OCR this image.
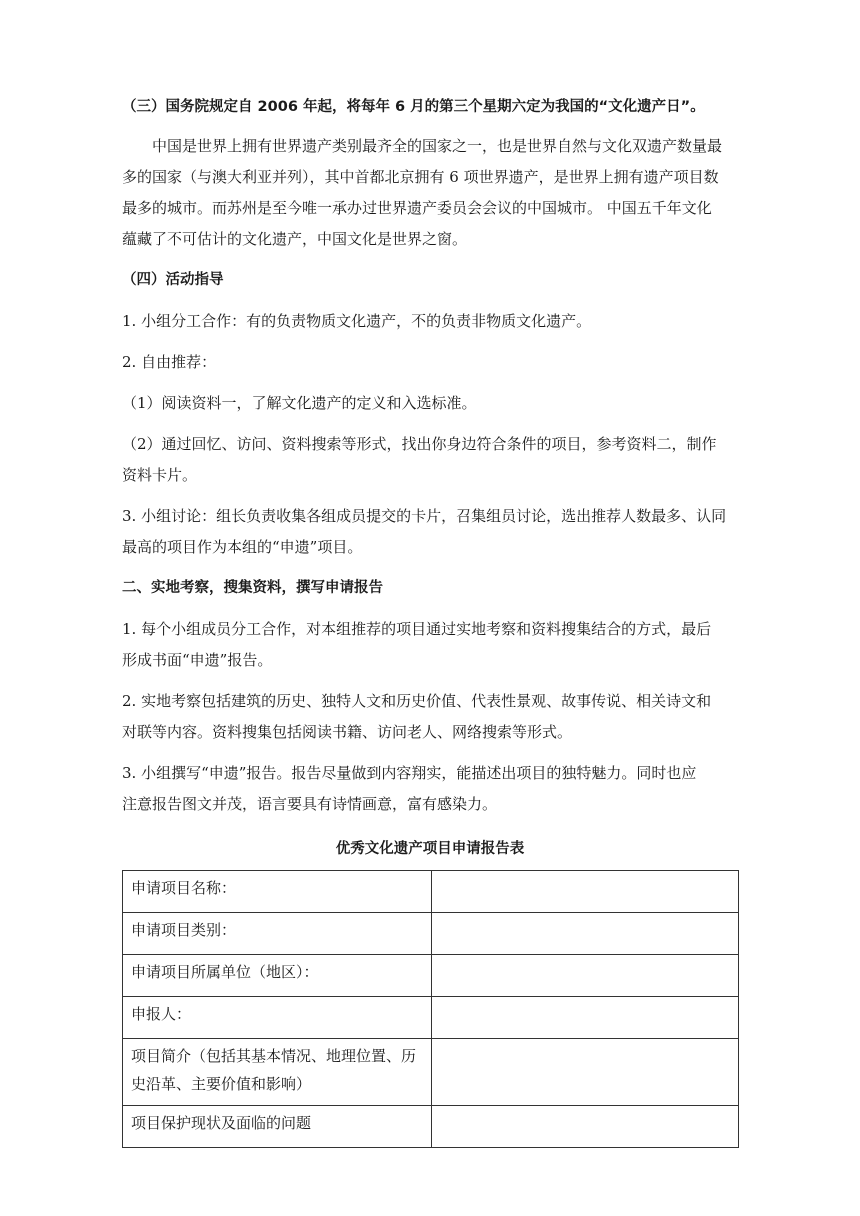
（三）国务院规定自 2006 年起，将每年 6 月的第三个星期六定为我国的“文化遗产日”。

中国是世界上拥有世界遗产类别最齐全的国家之一，也是世界自然与文化双遗产数量最

多的国家（与澳大利亚并列），其中首都北京拥有 6 项世界遗产，是世界上拥有遗产项目数

最多的城市。而苏州是至今唯一承办过世界遗产委员会会议的中国城市。 中国五千年文化

蕴藏了不可估计的文化遗产，中国文化是世界之窗。

（四）活动指导

1. 小组分工合作：有的负责物质文化遗产，不的负责非物质文化遗产。

2. 自由推荐：

（1）阅读资料一，了解文化遗产的定义和入选标准。

（2）通过回忆、访问、资料搜索等形式，找出你身边符合条件的项目，参考资料二，制作

资料卡片。

3. 小组讨论：组长负责收集各组成员提交的卡片，召集组员讨论，选出推荐人数最多、认同

最高的项目作为本组的“申遗”项目。

二、实地考察，搜集资料，撰写申请报告

1. 每个小组成员分工合作，对本组推荐的项目通过实地考察和资料搜集结合的方式，最后

形成书面“申遗”报告。

2. 实地考察包括建筑的历史、独特人文和历史价值、代表性景观、故事传说、相关诗文和

对联等内容。资料搜集包括阅读书籍、访问老人、网络搜索等形式。

3. 小组撰写“申遗”报告。报告尽量做到内容翔实，能描述出项目的独特魅力。同时也应

注意报告图文并茂，语言要具有诗情画意，富有感染力。

优秀文化遗产项目申请报告表
申请项目名称：	
申请项目类别：	
申请项目所属单位（地区）：	
申报人：	

项目简介（包括其基本情况、地理位置、历
史沿革、主要价值和影响）	

项目保护现状及面临的问题	
